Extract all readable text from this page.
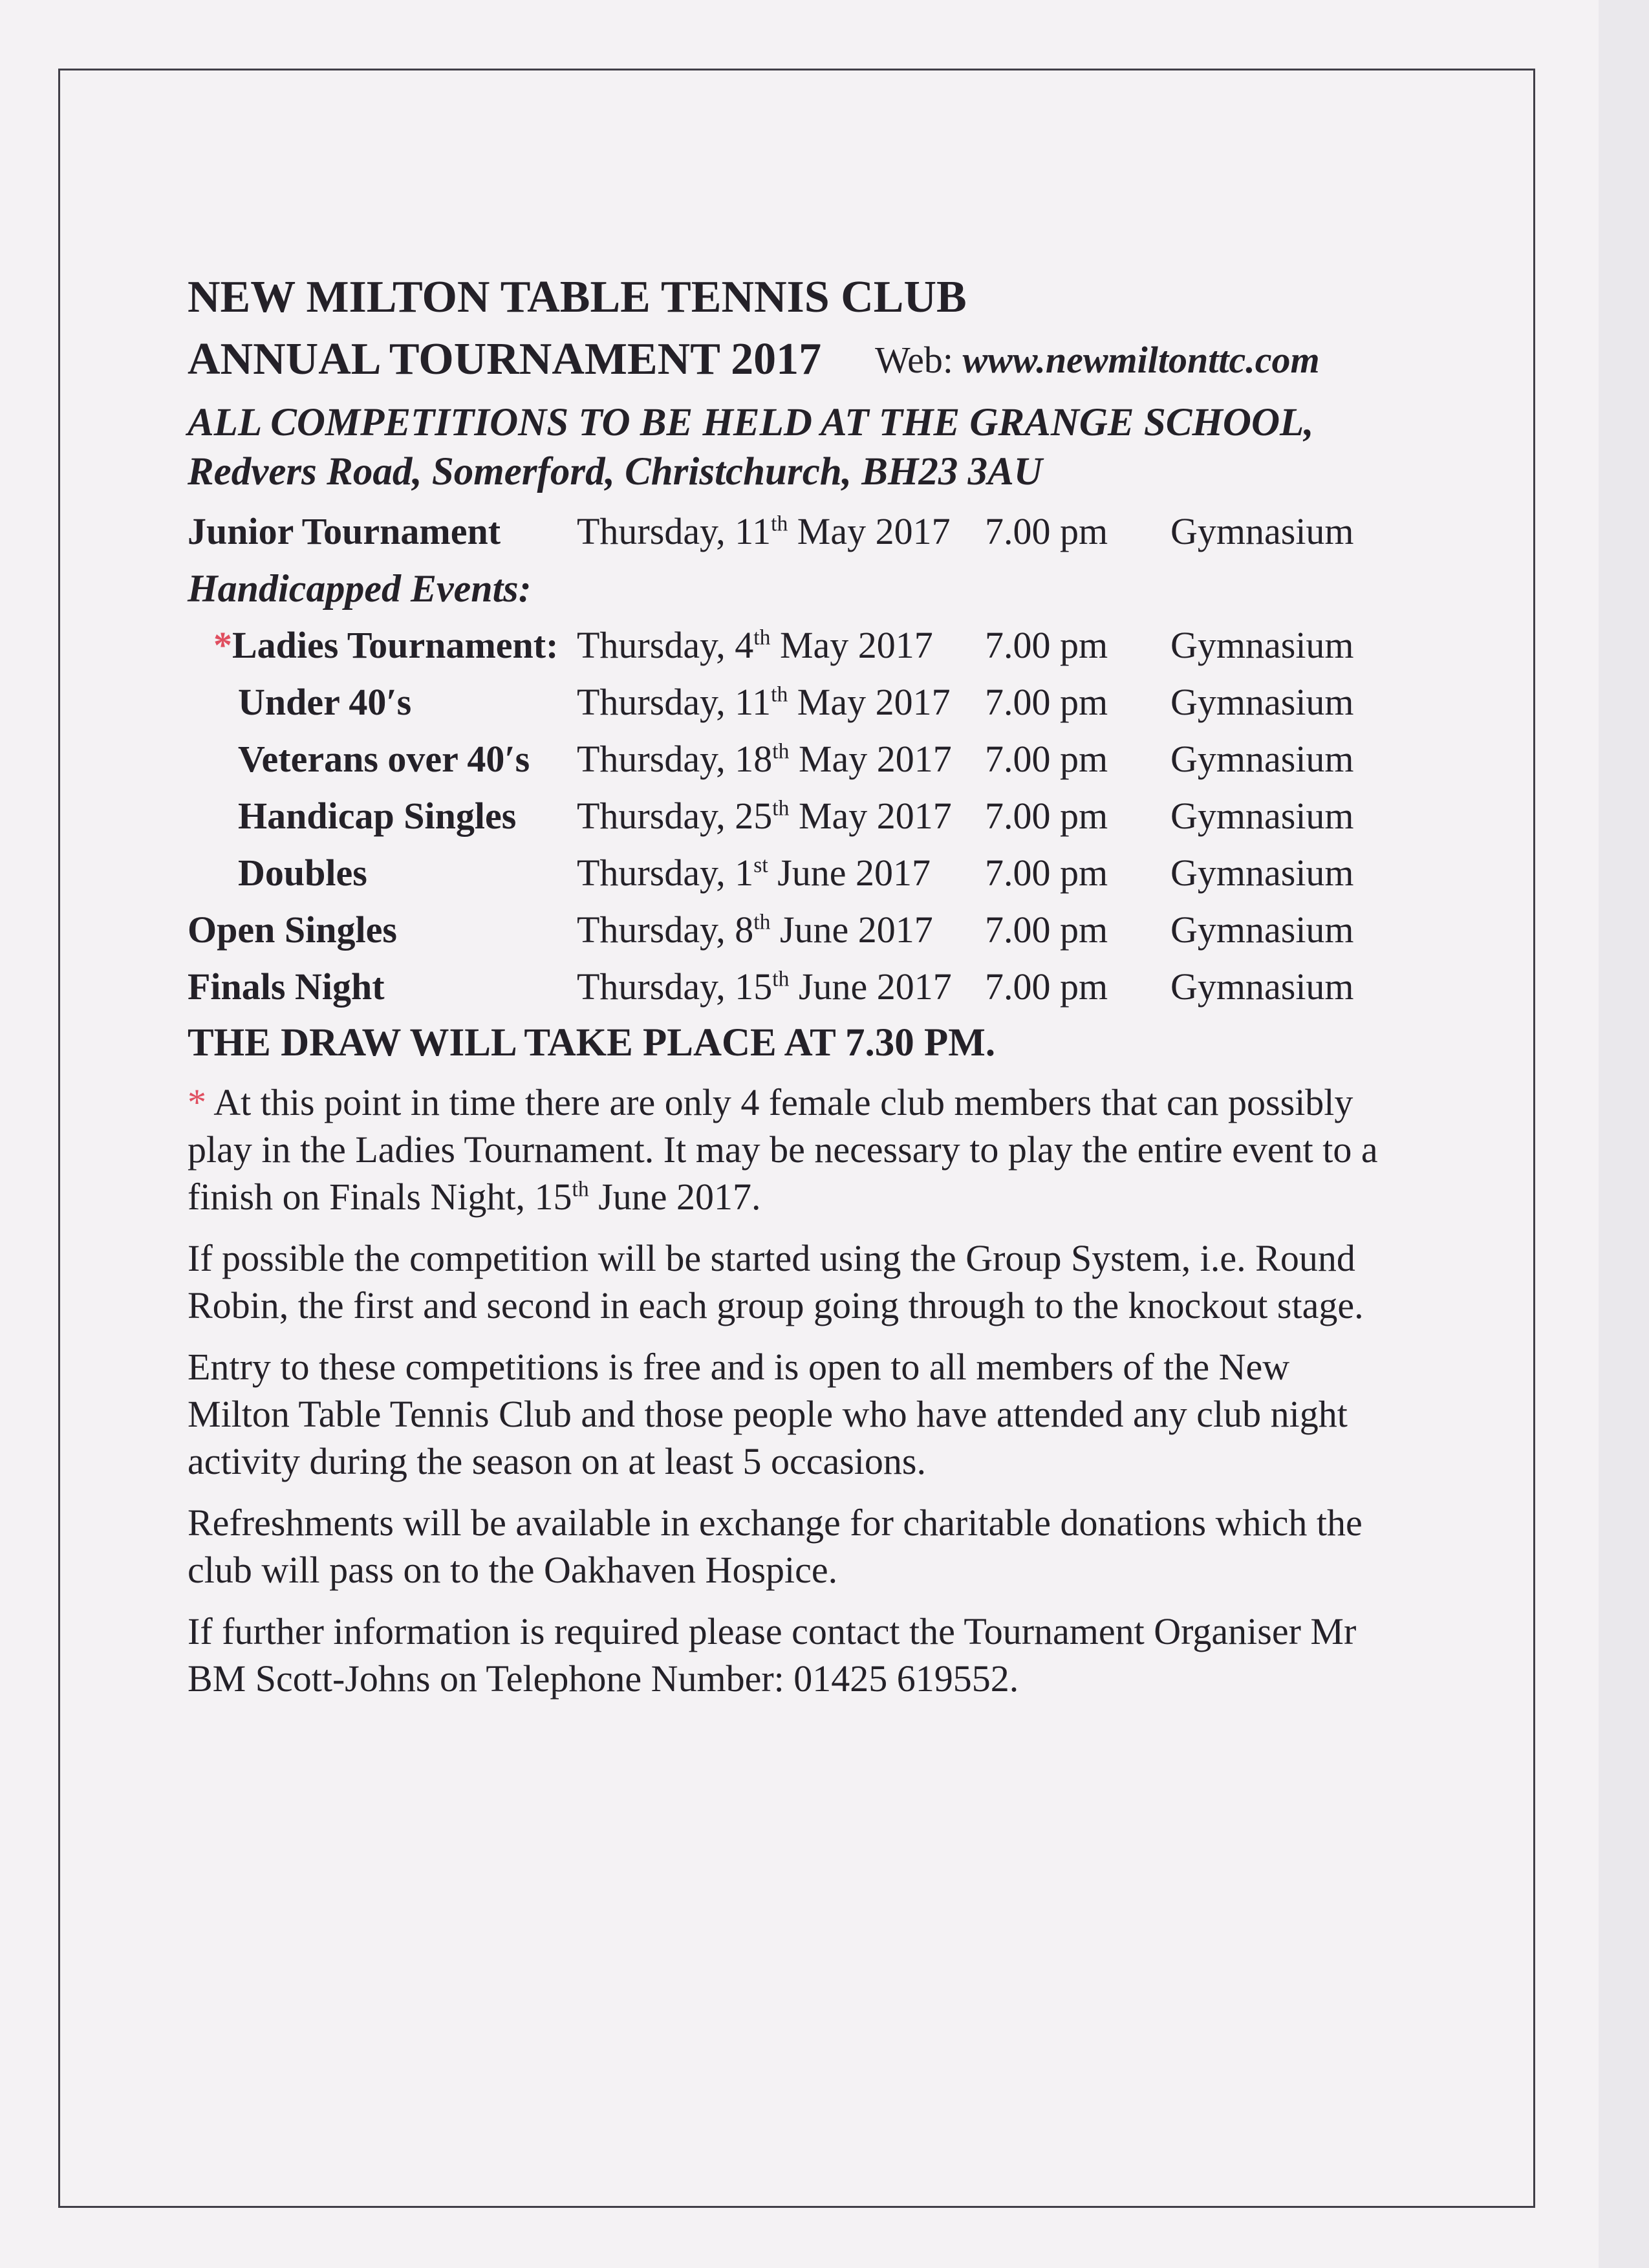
NEW MILTON TABLE TENNIS CLUB
ANNUAL TOURNAMENT 2017 Web: www.newmiltonttc.com

ALL COMPETITIONS TO BE HELD AT THE GRANGE SCHOOL, Redvers Road, Somerford, Christchurch, BH23 3AU

Junior Tournament Thursday, 11th May 2017 7.00 pm Gymnasium
Handicapped Events:
*Ladies Tournament: Thursday, 4th May 2017 7.00 pm Gymnasium
Under 40′s	Thursday, 11th May 2017 7.00 pm Gymnasium
Veterans over 40′s Thursday, 18th May 2017 7.00 pm Gymnasium
Handicap Singles Thursday, 25th May 2017 7.00 pm Gymnasium
Doubles	Thursday, 1st June 2017 7.00 pm Gymnasium
Open Singles	Thursday, 8th June 2017 7.00 pm Gymnasium
Finals Night	Thursday, 15th June 2017 7.00 pm Gymnasium

THE DRAW WILL TAKE PLACE AT 7.30 PM.

* At this point in time there are only 4 female club members that can possibly play in the Ladies Tournament. It may be necessary to play the entire event to a finish on Finals Night, 15th June 2017.

If possible the competition will be started using the Group System, i.e. Round Robin, the first and second in each group going through to the knockout stage.

Entry to these competitions is free and is open to all members of the New Milton Table Tennis Club and those people who have attended any club night activity during the season on at least 5 occasions.

Refreshments will be available in exchange for charitable donations which the club will pass on to the Oakhaven Hospice.

If further information is required please contact the Tournament Organiser Mr BM Scott-Johns on Telephone Number: 01425 619552.
